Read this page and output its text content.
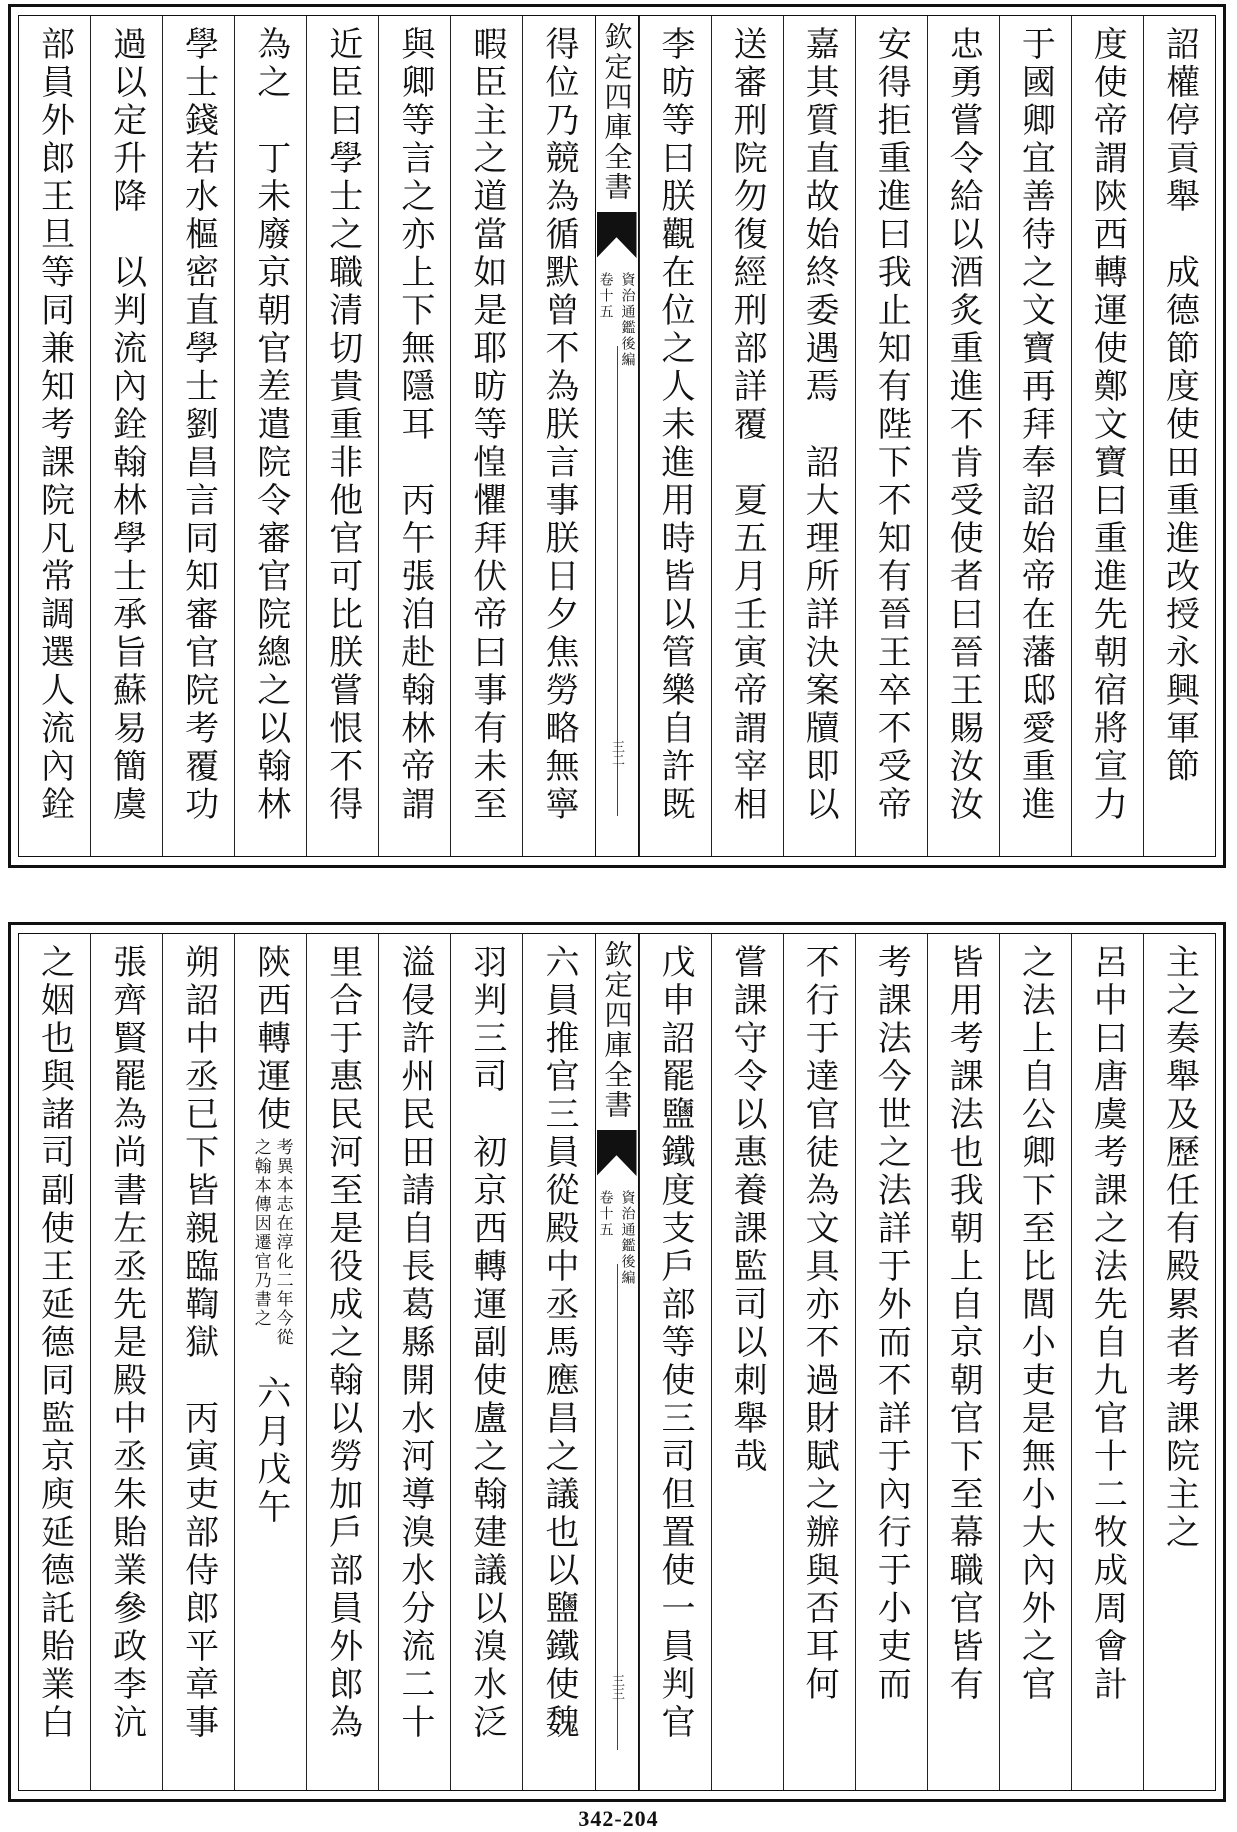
詔權停貢舉　成德節度使田重進改授永興軍節
度使帝謂陝西轉運使鄭文寶曰重進先朝宿將宣力
于國卿宜善待之文寶再拜奉詔始帝在藩邸愛重進
忠勇嘗令給以酒炙重進不肯受使者曰晉王賜汝汝
安得拒重進曰我止知有陛下不知有晉王卒不受帝
嘉其質直故始終委遇焉　詔大理所詳決案牘即以
送審刑院勿復經刑部詳覆　夏五月壬寅帝謂宰相
李昉等曰朕觀在位之人未進用時皆以管樂自許既
欽定四庫全書
資治通鑑後編
卷十五
三二
得位乃競為循默曾不為朕言事朕日夕焦勞略無寧
暇臣主之道當如是耶昉等惶懼拜伏帝曰事有未至
與卿等言之亦上下無隱耳　丙午張洎赴翰林帝謂
近臣曰學士之職清切貴重非他官可比朕嘗恨不得
為之　丁未廢京朝官差遣院令審官院總之以翰林
學士錢若水樞密直學士劉昌言同知審官院考覆功
過以定升降　以判流內銓翰林學士承旨蘇易簡虞
部員外郎王旦等同兼知考課院凡常調選人流內銓
主之奏舉及歷任有殿累者考課院主之
呂中曰唐虞考課之法先自九官十二牧成周會計
之法上自公卿下至比閭小吏是無小大內外之官
皆用考課法也我朝上自京朝官下至幕職官皆有
考課法今世之法詳于外而不詳于內行于小吏而
不行于達官徒為文具亦不過財賦之辦與否耳何
嘗課守令以惠養課監司以刺舉哉
戊申詔罷鹽鐵度支戶部等使三司但置使一員判官
欽定四庫全書
資治通鑑後編
卷十五
三三
六員推官三員從殿中丞馬應昌之議也以鹽鐵使魏
羽判三司　初京西轉運副使盧之翰建議以溴水泛
溢侵許州民田請自長葛縣開水河導溴水分流二十
里合于惠民河至是役成之翰以勞加戶部員外郎為
陝西轉運使
考異本志在淳化二年今從
之翰本傳因遷官乃書之
六月戊午
朔詔中丞已下皆親臨鞫獄　丙寅吏部侍郎平章事
張齊賢罷為尚書左丞先是殿中丞朱貽業參政李沆
之姻也與諸司副使王延德同監京庾延德託貽業白
342-204
